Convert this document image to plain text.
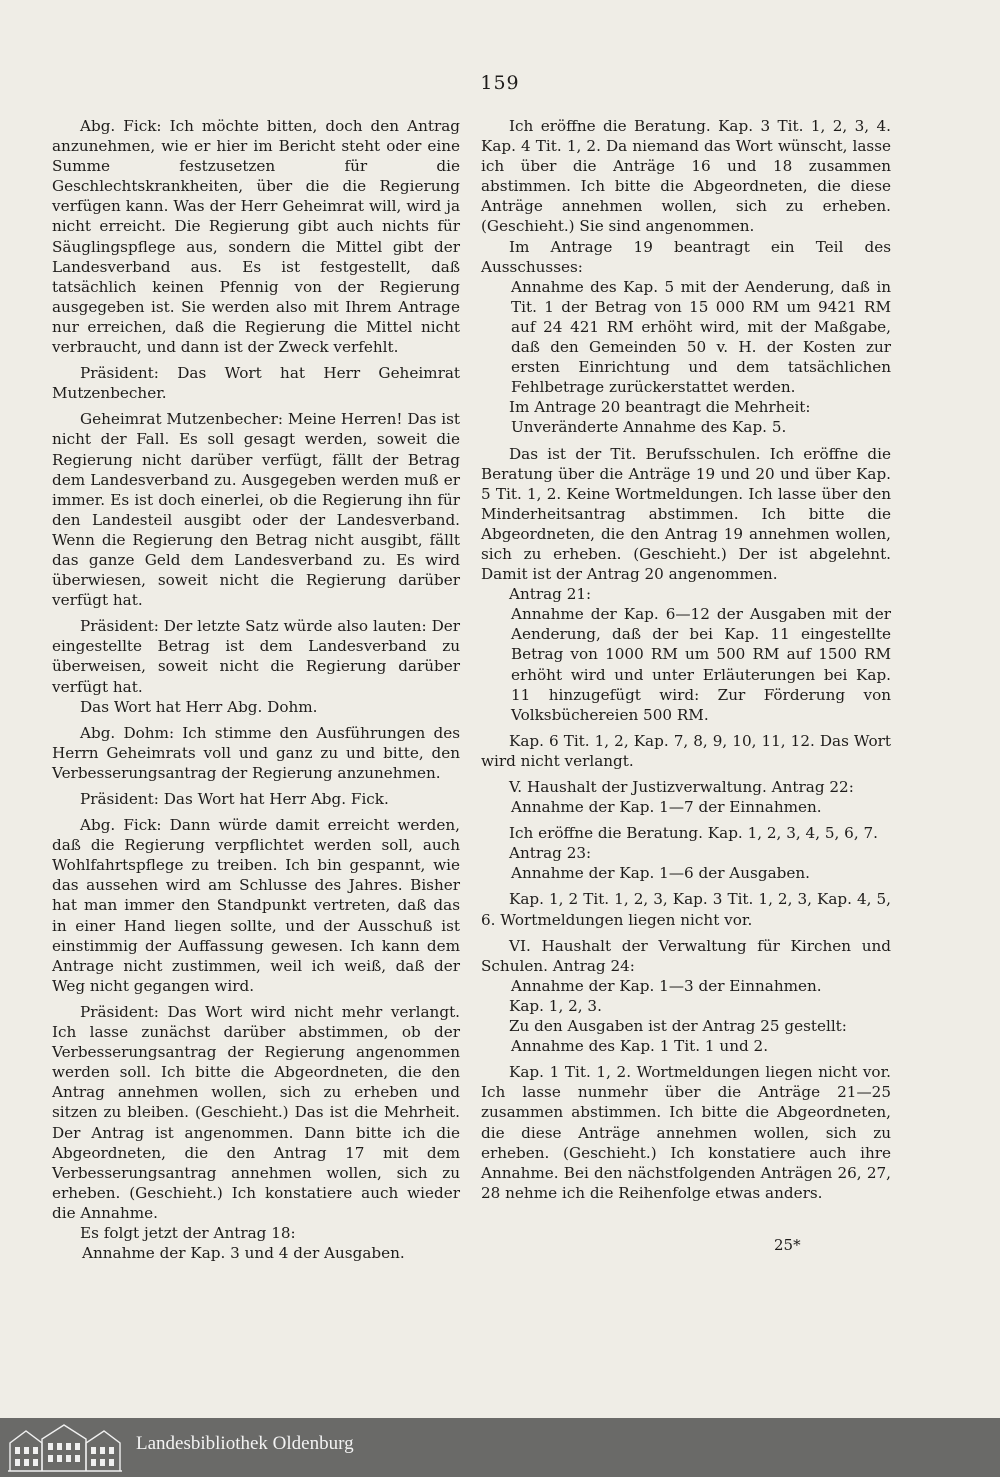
159

Abg. Fick: Ich möchte bitten, doch den Antrag anzunehmen, wie er hier im Bericht steht oder eine Summe festzusetzen für die Geschlechtskrankheiten, über die die Regierung verfügen kann. Was der Herr Geheimrat will, wird ja nicht erreicht. Die Regierung gibt auch nichts für Säuglingspflege aus, sondern die Mittel gibt der Landesverband aus. Es ist festgestellt, daß tatsächlich keinen Pfennig von der Regierung ausgegeben ist. Sie werden also mit Ihrem Antrage nur erreichen, daß die Regierung die Mittel nicht verbraucht, und dann ist der Zweck verfehlt.

Präsident: Das Wort hat Herr Geheimrat Mutzenbecher.

Geheimrat Mutzenbecher: Meine Herren! Das ist nicht der Fall. Es soll gesagt werden, soweit die Regierung nicht darüber verfügt, fällt der Betrag dem Landesverband zu. Ausgegeben werden muß er immer. Es ist doch einerlei, ob die Regierung ihn für den Landesteil ausgibt oder der Landesverband. Wenn die Regierung den Betrag nicht ausgibt, fällt das ganze Geld dem Landesverband zu. Es wird überwiesen, soweit nicht die Regierung darüber verfügt hat.

Präsident: Der letzte Satz würde also lauten: Der eingestellte Betrag ist dem Landesverband zu überweisen, soweit nicht die Regierung darüber verfügt hat.

Das Wort hat Herr Abg. Dohm.

Abg. Dohm: Ich stimme den Ausführungen des Herrn Geheimrats voll und ganz zu und bitte, den Verbesserungsantrag der Regierung anzunehmen.

Präsident: Das Wort hat Herr Abg. Fick.

Abg. Fick: Dann würde damit erreicht werden, daß die Regierung verpflichtet werden soll, auch Wohlfahrtspflege zu treiben. Ich bin gespannt, wie das aussehen wird am Schlusse des Jahres. Bisher hat man immer den Standpunkt vertreten, daß das in einer Hand liegen sollte, und der Ausschuß ist einstimmig der Auffassung gewesen. Ich kann dem Antrage nicht zustimmen, weil ich weiß, daß der Weg nicht gegangen wird.

Präsident: Das Wort wird nicht mehr verlangt. Ich lasse zunächst darüber abstimmen, ob der Verbesserungsantrag der Regierung angenommen werden soll. Ich bitte die Abgeordneten, die den Antrag annehmen wollen, sich zu erheben und sitzen zu bleiben. (Geschieht.) Das ist die Mehrheit. Der Antrag ist angenommen. Dann bitte ich die Abgeordneten, die den Antrag 17 mit dem Verbesserungsantrag annehmen wollen, sich zu erheben. (Geschieht.) Ich konstatiere auch wieder die Annahme.

Es folgt jetzt der Antrag 18:

Annahme der Kap. 3 und 4 der Ausgaben.

Ich eröffne die Beratung. Kap. 3 Tit. 1, 2, 3, 4. Kap. 4 Tit. 1, 2. Da niemand das Wort wünscht, lasse ich über die Anträge 16 und 18 zusammen abstimmen. Ich bitte die Abgeordneten, die diese Anträge annehmen wollen, sich zu erheben. (Geschieht.) Sie sind angenommen.

Im Antrage 19 beantragt ein Teil des Ausschusses:

Annahme des Kap. 5 mit der Aenderung, daß in Tit. 1 der Betrag von 15 000 RM um 9421 RM auf 24 421 RM erhöht wird, mit der Maßgabe, daß den Gemeinden 50 v. H. der Kosten zur ersten Einrichtung und dem tatsächlichen Fehlbetrage zurückerstattet werden.

Im Antrage 20 beantragt die Mehrheit:

Unveränderte Annahme des Kap. 5.

Das ist der Tit. Berufsschulen. Ich eröffne die Beratung über die Anträge 19 und 20 und über Kap. 5 Tit. 1, 2. Keine Wortmeldungen. Ich lasse über den Minderheitsantrag abstimmen. Ich bitte die Abgeordneten, die den Antrag 19 annehmen wollen, sich zu erheben. (Geschieht.) Der ist abgelehnt. Damit ist der Antrag 20 angenommen.

Antrag 21:

Annahme der Kap. 6—12 der Ausgaben mit der Aenderung, daß der bei Kap. 11 eingestellte Betrag von 1000 RM um 500 RM auf 1500 RM erhöht wird und unter Erläuterungen bei Kap. 11 hinzugefügt wird: Zur Förderung von Volksbüchereien 500 RM.

Kap. 6 Tit. 1, 2, Kap. 7, 8, 9, 10, 11, 12. Das Wort wird nicht verlangt.

V. Haushalt der Justizverwaltung. Antrag 22:

Annahme der Kap. 1—7 der Einnahmen.

Ich eröffne die Beratung. Kap. 1, 2, 3, 4, 5, 6, 7.

Antrag 23:

Annahme der Kap. 1—6 der Ausgaben.

Kap. 1, 2 Tit. 1, 2, 3, Kap. 3 Tit. 1, 2, 3, Kap. 4, 5, 6. Wortmeldungen liegen nicht vor.

VI. Haushalt der Verwaltung für Kirchen und Schulen. Antrag 24:

Annahme der Kap. 1—3 der Einnahmen.

Kap. 1, 2, 3.

Zu den Ausgaben ist der Antrag 25 gestellt:

Annahme des Kap. 1 Tit. 1 und 2.

Kap. 1 Tit. 1, 2. Wortmeldungen liegen nicht vor. Ich lasse nunmehr über die Anträge 21—25 zusammen abstimmen. Ich bitte die Abgeordneten, die diese Anträge annehmen wollen, sich zu erheben. (Geschieht.) Ich konstatiere auch ihre Annahme. Bei den nächstfolgenden Anträgen 26, 27, 28 nehme ich die Reihenfolge etwas anders.

25*
Landesbibliothek Oldenburg
